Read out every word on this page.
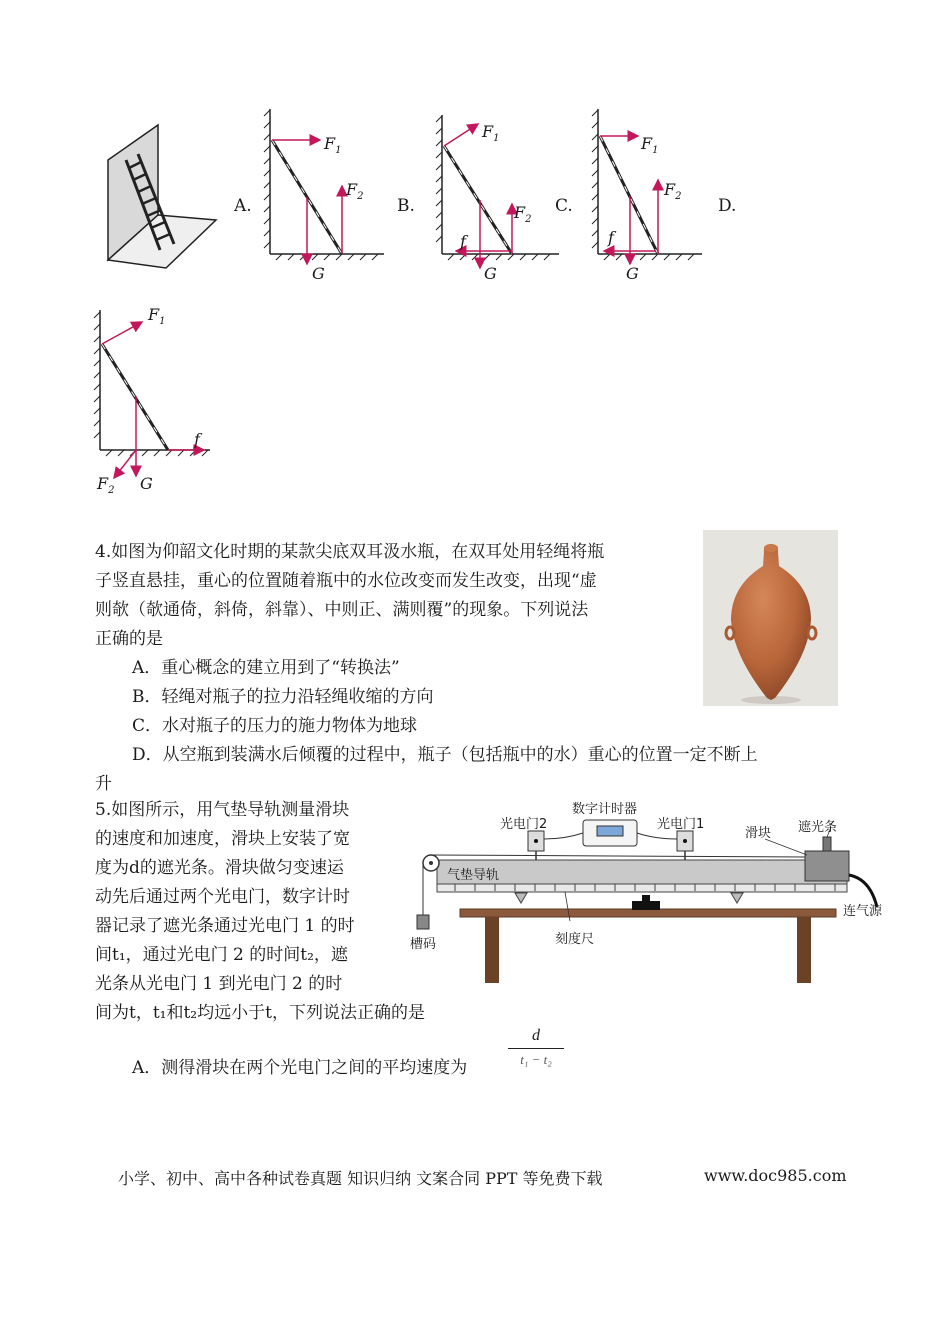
A.
$F_1$
$F_2$
G
B.
$F_1$
$F_2$
f
G
C.
$F_1$
$F_2$
f
G
D.
$F_1$
f
$F_2$ G
4.如图为仰韶文化时期的某款尖底双耳汲水瓶，在双耳处用轻绳将瓶
子竖直悬挂，重心的位置随着瓶中的水位改变而发生改变，出现“虚
则欹（欹通倚，斜倚，斜靠）、中则正、满则覆”的现象。下列说法
正确的是
A．重心概念的建立用到了“转换法”
B．轻绳对瓶子的拉力沿轻绳收缩的方向
C．水对瓶子的压力的施力物体为地球
D．从空瓶到装满水后倾覆的过程中，瓶子（包括瓶中的水）重心的位置一定不断上
升
5.如图所示，用气垫导轨测量滑块
的速度和加速度，滑块上安装了宽
度为d的遮光条。滑块做匀变速运
动先后通过两个光电门，数字计时
器记录了遮光条通过光电门 1 的时
间t₁，通过光电门 2 的时间t₂，遮
光条从光电门 1 到光电门 2 的时
间为t，t₁和t₂均远小于t，下列说法正确的是
数字计时器
光电门2	光电门1
滑块 遮光条
气垫导轨
连气源
槽码	刻度尺
A．测得滑块在两个光电门之间的平均速度为
d
t₁ − t₂
小学、初中、高中各种试卷真题 知识归纳 文案合同 PPT 等免费下载	www.doc985.com
